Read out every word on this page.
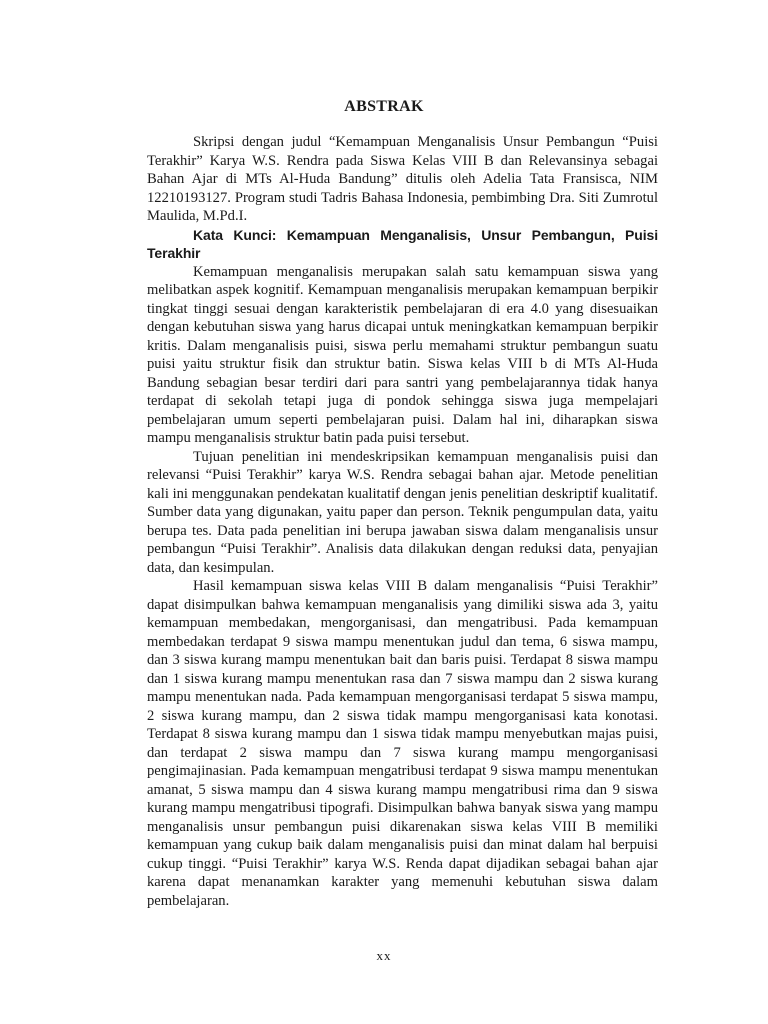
ABSTRAK

Skripsi dengan judul “Kemampuan Menganalisis Unsur Pembangun “Puisi Terakhir” Karya W.S. Rendra pada Siswa Kelas VIII B dan Relevansinya sebagai Bahan Ajar di MTs Al-Huda Bandung” ditulis oleh Adelia Tata Fransisca, NIM 12210193127. Program studi Tadris Bahasa Indonesia, pembimbing Dra. Siti Zumrotul Maulida, M.Pd.I.

Kata Kunci: Kemampuan Menganalisis, Unsur Pembangun, Puisi Terakhir

Kemampuan menganalisis merupakan salah satu kemampuan siswa yang melibatkan aspek kognitif. Kemampuan menganalisis merupakan kemampuan berpikir tingkat tinggi sesuai dengan karakteristik pembelajaran di era 4.0 yang disesuaikan dengan kebutuhan siswa yang harus dicapai untuk meningkatkan kemampuan berpikir kritis. Dalam menganalisis puisi, siswa perlu memahami struktur pembangun suatu puisi yaitu struktur fisik dan struktur batin. Siswa kelas VIII b di MTs Al-Huda Bandung sebagian besar terdiri dari para santri yang pembelajarannya tidak hanya terdapat di sekolah tetapi juga di pondok sehingga siswa juga mempelajari pembelajaran umum seperti pembelajaran puisi. Dalam hal ini, diharapkan siswa mampu menganalisis struktur batin pada puisi tersebut.

Tujuan penelitian ini mendeskripsikan kemampuan menganalisis puisi dan relevansi “Puisi Terakhir” karya W.S. Rendra sebagai bahan ajar. Metode penelitian kali ini menggunakan pendekatan kualitatif dengan jenis penelitian deskriptif kualitatif. Sumber data yang digunakan, yaitu paper dan person. Teknik pengumpulan data, yaitu berupa tes. Data pada penelitian ini berupa jawaban siswa dalam menganalisis unsur pembangun “Puisi Terakhir”. Analisis data dilakukan dengan reduksi data, penyajian data, dan kesimpulan.

Hasil kemampuan siswa kelas VIII B dalam menganalisis “Puisi Terakhir” dapat disimpulkan bahwa kemampuan menganalisis yang dimiliki siswa ada 3, yaitu kemampuan membedakan, mengorganisasi, dan mengatribusi. Pada kemampuan membedakan terdapat 9 siswa mampu menentukan judul dan tema, 6 siswa mampu, dan 3 siswa kurang mampu menentukan bait dan baris puisi. Terdapat 8 siswa mampu dan 1 siswa kurang mampu menentukan rasa dan 7 siswa mampu dan 2 siswa kurang mampu menentukan nada. Pada kemampuan mengorganisasi terdapat 5 siswa mampu, 2 siswa kurang mampu, dan 2 siswa tidak mampu mengorganisasi kata konotasi. Terdapat 8 siswa kurang mampu dan 1 siswa tidak mampu menyebutkan majas puisi, dan terdapat 2 siswa mampu dan 7 siswa kurang mampu mengorganisasi pengimajinasian. Pada kemampuan mengatribusi terdapat 9 siswa mampu menentukan amanat, 5 siswa mampu dan 4 siswa kurang mampu mengatribusi rima dan 9 siswa kurang mampu mengatribusi tipografi. Disimpulkan bahwa banyak siswa yang mampu menganalisis unsur pembangun puisi dikarenakan siswa kelas VIII B memiliki kemampuan yang cukup baik dalam menganalisis puisi dan minat dalam hal berpuisi cukup tinggi. “Puisi Terakhir” karya W.S. Renda dapat dijadikan sebagai bahan ajar karena dapat menanamkan karakter yang memenuhi kebutuhan siswa dalam pembelajaran.

xx
